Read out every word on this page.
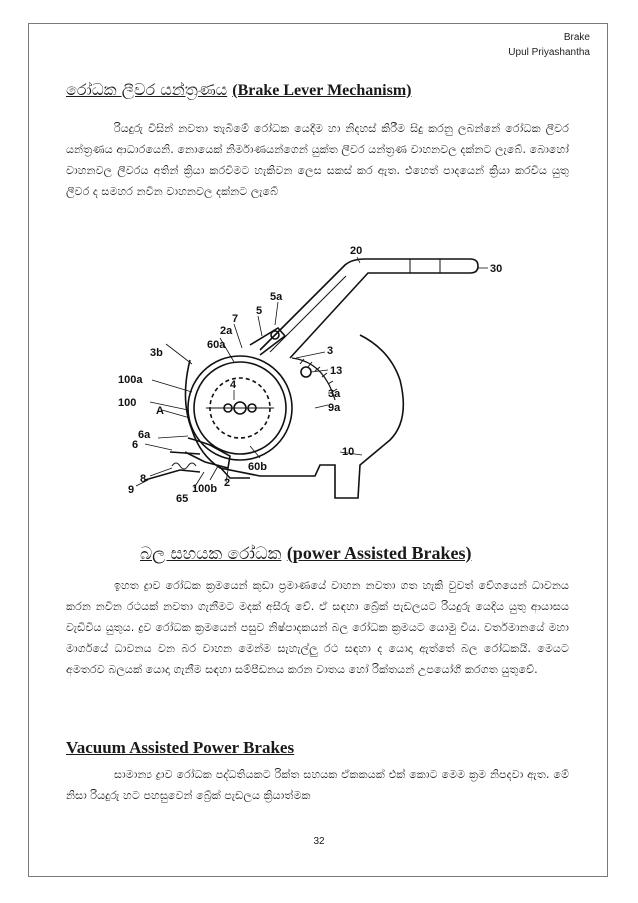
Brake
Upul Priyashantha
රෝධක ලීවර යන්ත්‍රණය (Brake Lever Mechanism)
රියදුරු විසින් නවතා තැබීමේ රෝධක යෙදීම හා නිදහස් කිරීම සිදු කරනු ලබන්නේ රෝධක ලීවර යන්ත්‍රණය ආධාරයෙනි. නොයෙක් නිර්මාණයන්ගෙන් යුක්ත ලීවර යන්ත්‍රණ වාහනවල දක්නට ලැබේ. බොහෝ වාහනවල ලීවරය අතින් ක්‍රියා කරවීමට හැකිවන ලෙස සකස් කර ඇත. එහෙත් පාදයෙන් ක්‍රියා කරවිය යුතු ලීවර ද සමහර නවීන වාහනවල දක්නට ලැබේ
20
30
5a
7
5
2a
60a
3b	3
13
3a
9a
4
100a
100
A
6a
6
10
60b
8
9	100b 2
65
බල සහයක රෝධක (power Assisted Brakes)
ඉහත ද්‍රාව රෝධක ක්‍රමයෙන් කුඩා ප්‍රමාණයේ වාහන නවතා ගත හැකි වුවත් වේගයෙන් ධාවනය කරන නවීන රථයක් නවතා ගැනීමට මදක් අසීරු වේ. ඒ සඳහා බ්‍රේක් පැඩලයට රියදුරු යෙදිය යුතු ආයාසය වැඩිවිය යුතුය. ද්‍රව රෝධක ක්‍රමයෙන් පසුව නිෂ්පාදකයන් බල රෝධක ක්‍රමයට යොමු විය. වර්තමානයේ මහා මාර්ගයේ ධාවනය වන බර වාහන මෙන්ම සැහැල්ලු රථ සඳහා ද යොදා ඇත්තේ බල රෝධකයි. මෙයට අමතරව බලයක් යොදා ගැනීම සඳහා සම්පීඩනය කරන වාතය හෝ රික්තයන් උපයෝගී කරගත යුතුවේ.
Vacuum Assisted Power Brakes
සාමාන්‍ය ද්‍රාව රෝධක පද්ධතියකට රික්ත සහයක ඒකකයක් එක් කොට මෙම ක්‍රම නිපදවා ඇත. මේ නිසා රියදුරු හට පහසුවෙන් බ්‍රේක් පැඩලය ක්‍රියාත්මක
32
